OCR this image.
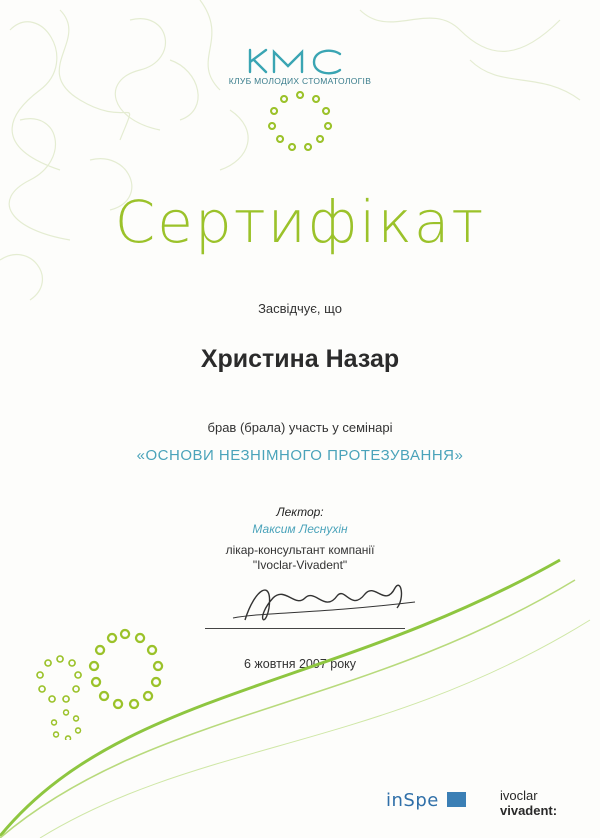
КЛУБ МОЛОДИХ СТОМАТОЛОГІВ
Сертифікат
Засвідчує, що
Христина Назар
брав (брала) участь у семінарі
«ОСНОВИ НЕЗНІМНОГО ПРОТЕЗУВАННЯ»
Лектор:
Максим Леснухін
лікар-консультант компанії
"Ivoclar-Vivadent"
6 жовтня 2007 року
inSpe	ivoclar
vivadent:
